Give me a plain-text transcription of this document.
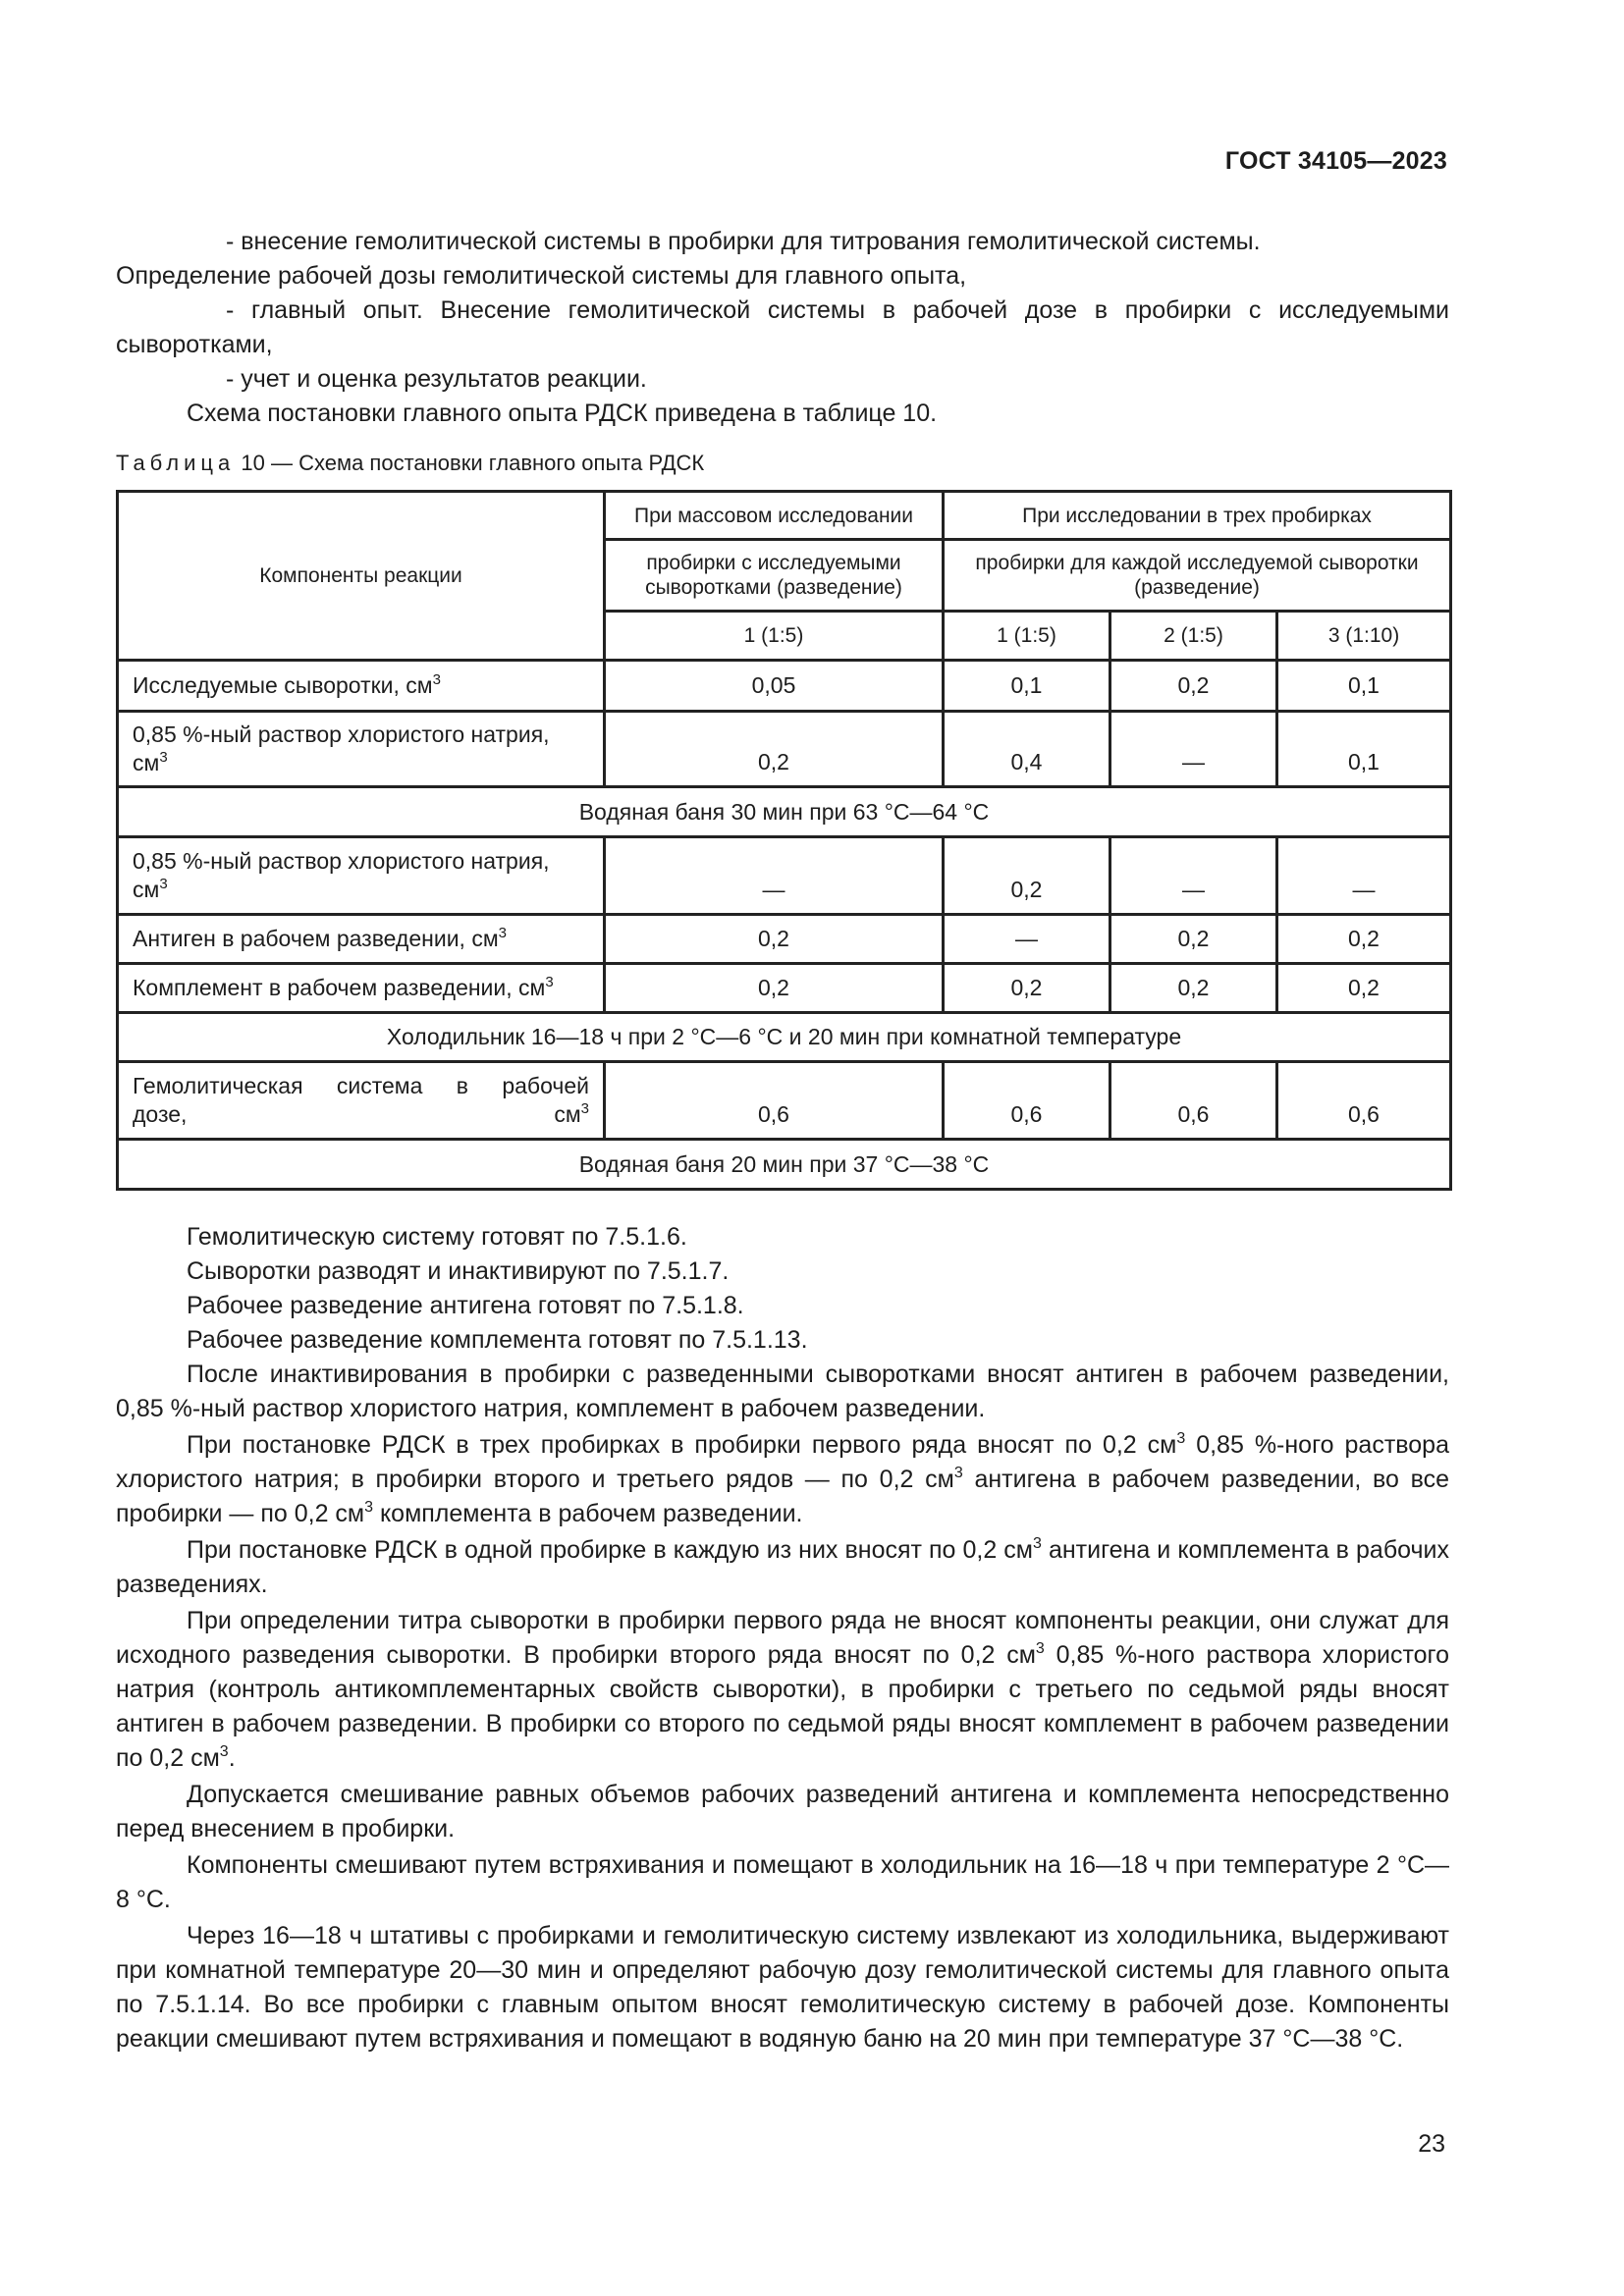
ГОСТ 34105—2023

- внесение гемолитической системы в пробирки для титрования гемолитической системы.

Определение рабочей дозы гемолитической системы для главного опыта,

- главный опыт. Внесение гемолитической системы в рабочей дозе в пробирки с исследуемыми сыворотками,

- учет и оценка результатов реакции.

Схема постановки главного опыта РДСК приведена в таблице 10.

Таблица 10 — Схема постановки главного опыта РДСК
Компоненты реакции	При массовом исследовании	При исследовании в трех пробирках		
	пробирки с исследуемыми сыворотками (разведение)	пробирки для каждой исследуемой сыворотки (разведение)		
	1 (1:5)	1 (1:5)	2 (1:5)	3 (1:10)
Исследуемые сыворотки, $см^3$	0,05	0,1	0,2	0,1
0,85 %-ный раствор хлористого натрия,
$см^3$	0,2	0,4	—	0,1
Водяная баня 30 мин при 63 °С—64 °С				
0,85 %-ный раствор хлористого натрия,
$см^3$	—	0,2	—	—
Антиген в рабочем разведении, $см^3$	0,2	—	0,2	0,2
Комплемент в рабочем разведении, $см^3$	0,2	0,2	0,2	0,2
Холодильник 16—18 ч при 2 °С—6 °С и 20 мин при комнатной температуре				
Гемолитическая система в рабочей
дозе, $см^3$	0,6	0,6	0,6	0,6
Водяная баня 20 мин при 37 °С—38 °С				

Гемолитическую систему готовят по 7.5.1.6.

Сыворотки разводят и инактивируют по 7.5.1.7.

Рабочее разведение антигена готовят по 7.5.1.8.

Рабочее разведение комплемента готовят по 7.5.1.13.

После инактивирования в пробирки с разведенными сыворотками вносят антиген в рабочем разведении, 0,85 %-ный раствор хлористого натрия, комплемент в рабочем разведении.

При постановке РДСК в трех пробирках в пробирки первого ряда вносят по 0,2 $см^3$ 0,85 %-ного раствора хлористого натрия; в пробирки второго и третьего рядов — по 0,2 $см^3$ антигена в рабочем разведении, во все пробирки — по 0,2 $см^3$ комплемента в рабочем разведении.

При постановке РДСК в одной пробирке в каждую из них вносят по 0,2 $см^3$ антигена и комплемента в рабочих разведениях.

При определении титра сыворотки в пробирки первого ряда не вносят компоненты реакции, они служат для исходного разведения сыворотки. В пробирки второго ряда вносят по 0,2 $см^3$ 0,85 %-ного раствора хлористого натрия (контроль антикомплементарных свойств сыворотки), в пробирки с третьего по седьмой ряды вносят антиген в рабочем разведении. В пробирки со второго по седьмой ряды вносят комплемент в рабочем разведении по 0,2 $см^3$.

Допускается смешивание равных объемов рабочих разведений антигена и комплемента непосредственно перед внесением в пробирки.

Компоненты смешивают путем встряхивания и помещают в холодильник на 16—18 ч при температуре 2 °С—8 °С.

Через 16—18 ч штативы с пробирками и гемолитическую систему извлекают из холодильника, выдерживают при комнатной температуре 20—30 мин и определяют рабочую дозу гемолитической системы для главного опыта по 7.5.1.14. Во все пробирки с главным опытом вносят гемолитическую систему в рабочей дозе. Компоненты реакции смешивают путем встряхивания и помещают в водяную баню на 20 мин при температуре 37 °С—38 °С.

23
